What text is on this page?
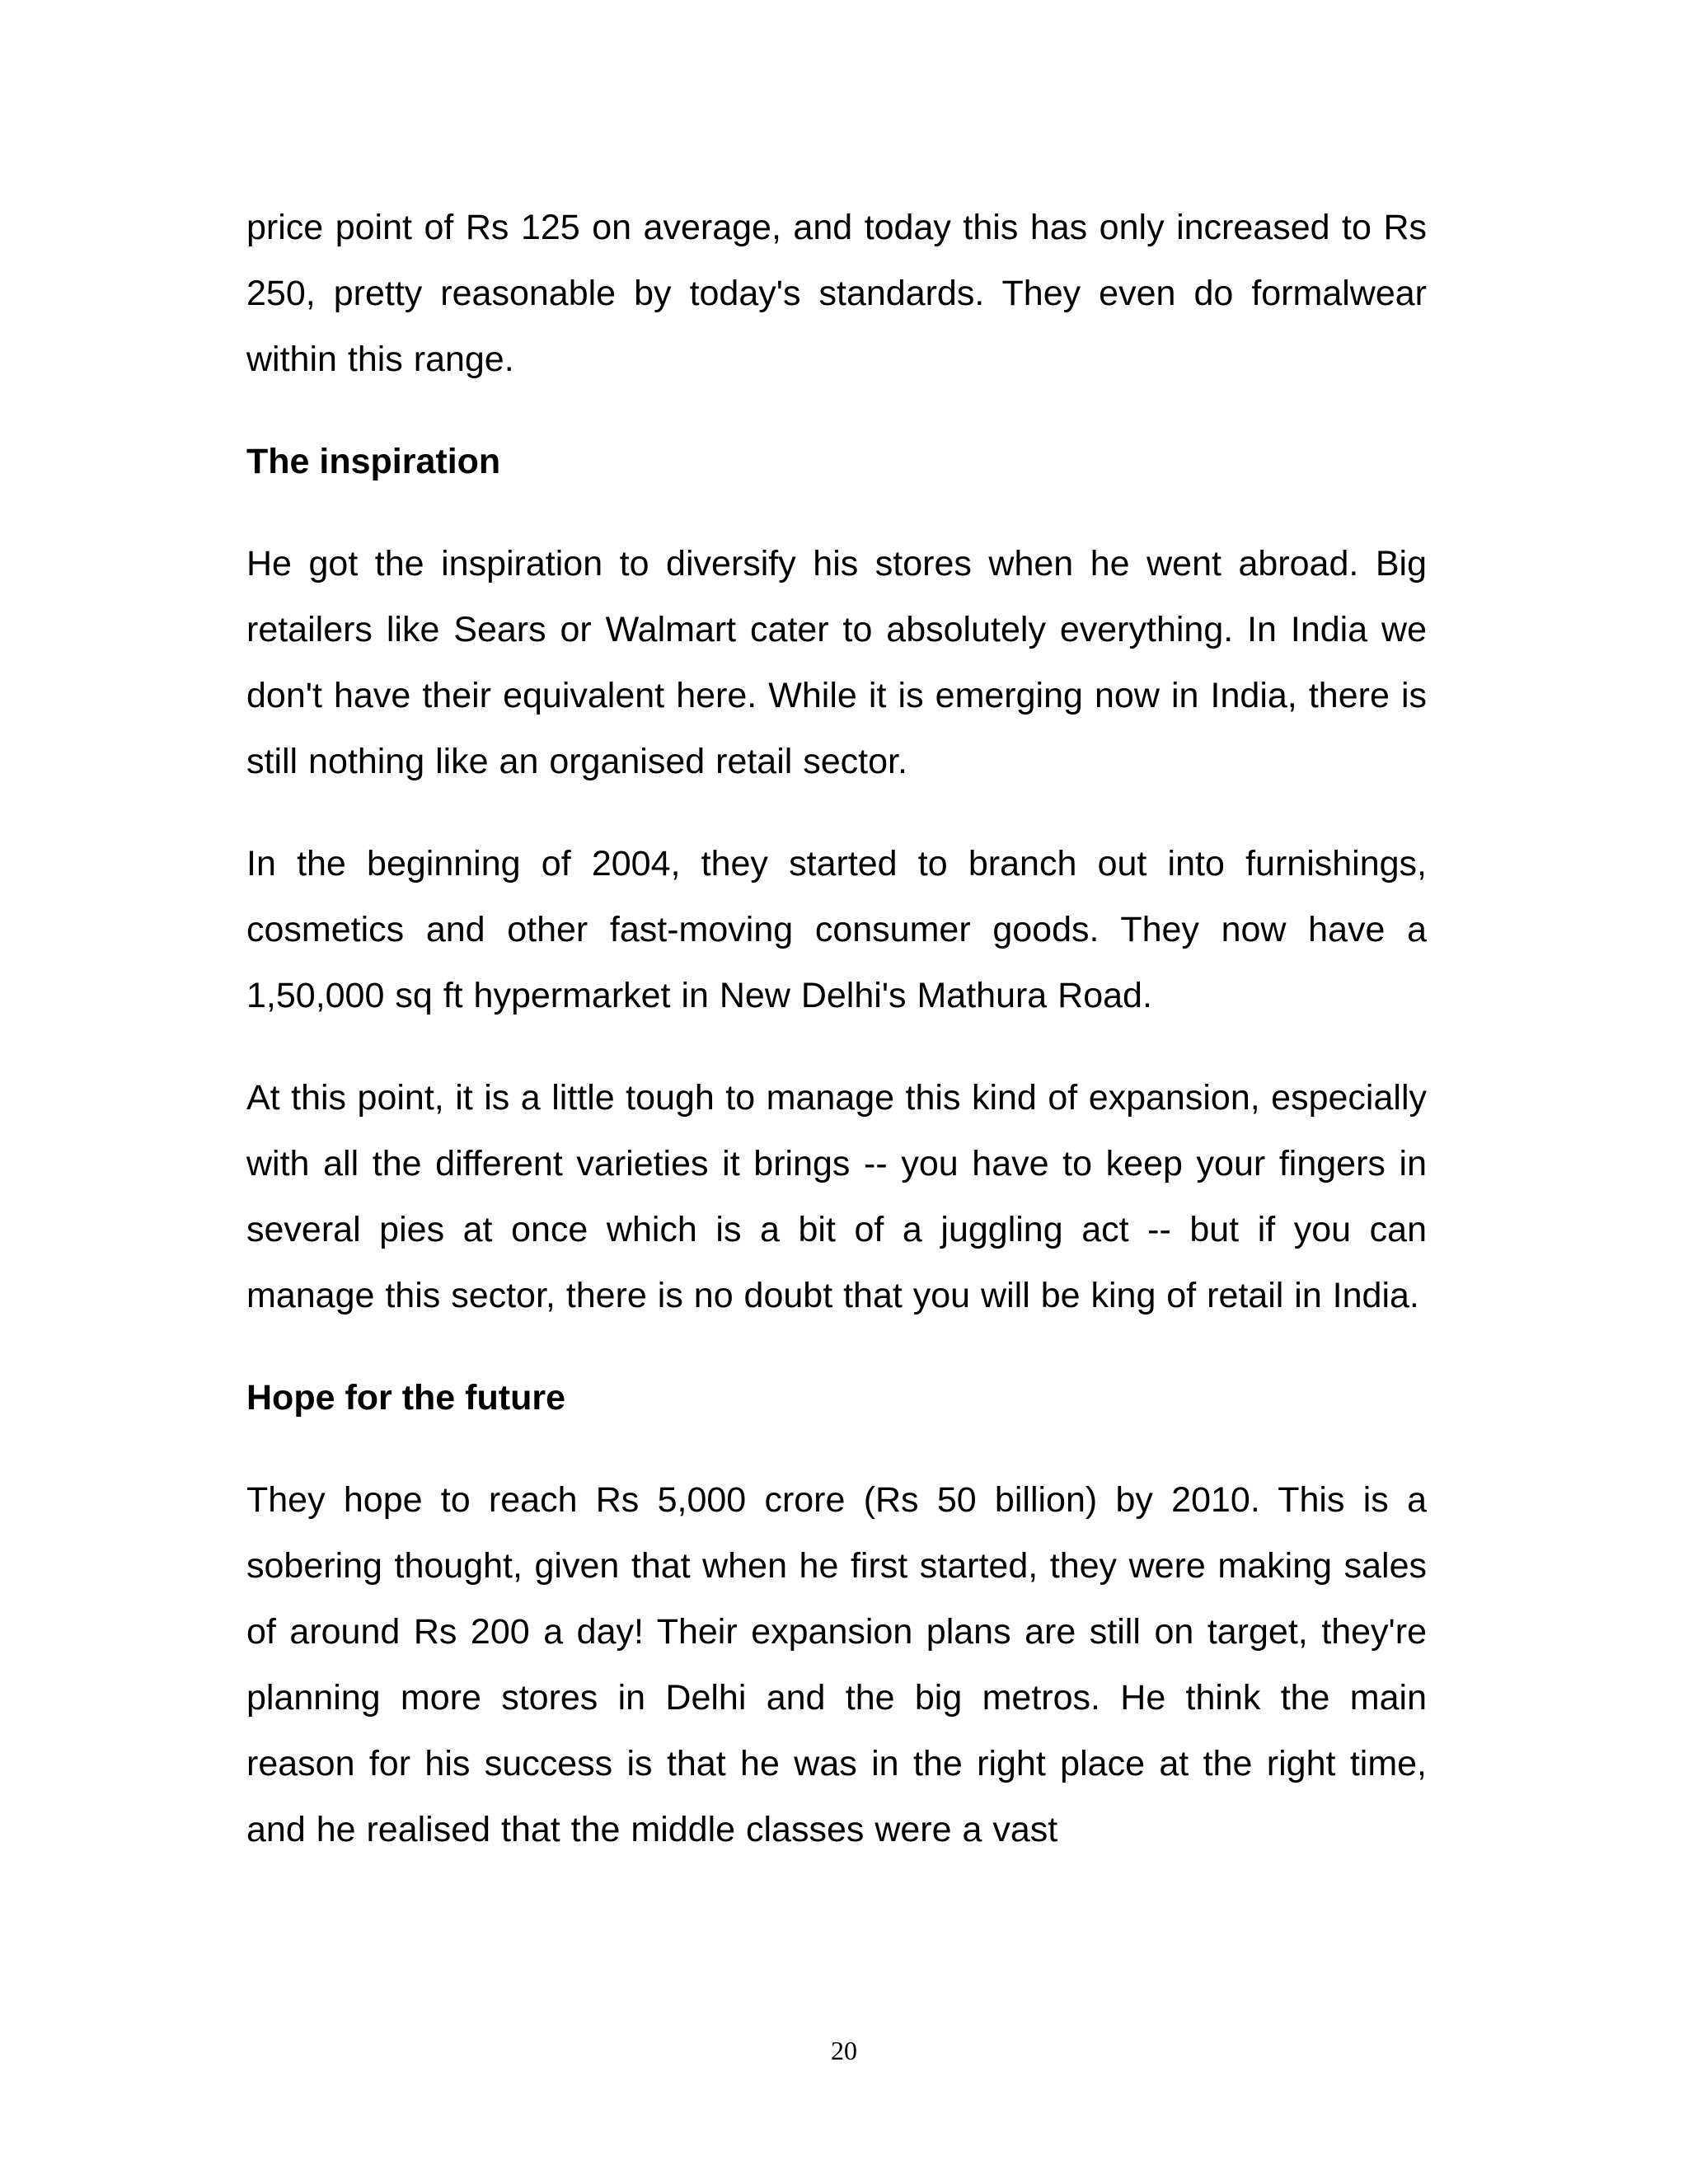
price point of Rs 125 on average, and today this has only increased to Rs 250, pretty reasonable by today's standards. They even do formalwear within this range.

The inspiration

He got the inspiration to diversify his stores when he went abroad. Big retailers like Sears or Walmart cater to absolutely everything. In India we don't have their equivalent here. While it is emerging now in India, there is still nothing like an organised retail sector.

In the beginning of 2004, they started to branch out into furnishings, cosmetics and other fast-moving consumer goods. They now have a 1,50,000 sq ft hypermarket in New Delhi's Mathura Road.

At this point, it is a little tough to manage this kind of expansion, especially with all the different varieties it brings -- you have to keep your fingers in several pies at once which is a bit of a juggling act -- but if you can manage this sector, there is no doubt that you will be king of retail in India.

Hope for the future

They hope to reach Rs 5,000 crore (Rs 50 billion) by 2010. This is a sobering thought, given that when he first started, they were making sales of around Rs 200 a day! Their expansion plans are still on target, they're planning more stores in Delhi and the big metros. He think the main reason for his success is that he was in the right place at the right time, and he realised that the middle classes were a vast

20
